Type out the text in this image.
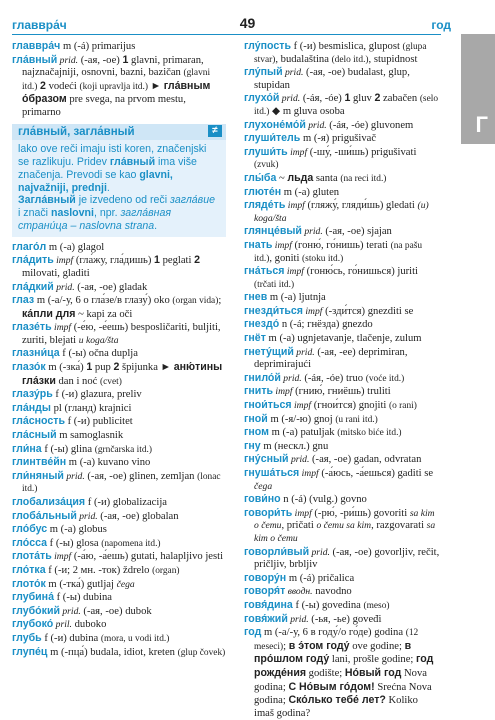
главвра́ч	49	год
Г
главвра́ч m (-á) primarijus
гла́вный prid. (-ая, -ое) 1 glavni, primaran, najznačajniji, osnovni, bazni, bazičan (glavni itd.) 2 vodeći (koji upravlja itd.) ► гла́вным о́бразом pre svega, na prvom mestu, primarno
гла́вный, загла́вный	≠
lako ove reči imaju isti koren, značenjski se razlikuju. Pridev гла́вный ima više značenja. Prevodi se kao glavni, najvažniji, prednji.
Загла́вный je izvedeno od reči загла́вие i znači naslovni, npr. загла́вная страни́ца – naslovna strana.
глаго́л m (-a) glagol
гла́дить impf (гла́жу, гла́дишь) 1 peglati 2 milovati, gladiti
гла́дкий prid. (-ая, -ое) gladak
глаз m (-а/-у, 6 о гла́зе/в глазу́) oko (organ vida); ка́пли для ~ kapi za oči
глазе́ть impf (-е́ю, -е́ешь) besposličariti, buljiti, zuriti, blejati u koga/šta
глазни́ца f (-ы) očna duplja
глазо́к m (-зка́) 1 pup 2 špijunka ► аню́тины гла́зки dan i noć (cvet)
глазу́рь f (-и) glazura, preliv
гла́нды pl (гланд) krajnici
гла́сность f (-и) publicitet
гла́сный m samoglasnik
гли́на f (-ы) glina (grnčarska itd.)
глинтве́йн m (-a) kuvano vino
гли́няный prid. (-ая, -ое) glinen, zemljan (lonac itd.)
глобализа́ция f (-и) globalizacija
глоба́льный prid. (-ая, -ое) globalan
гло́бус m (-a) globus
гло́сса f (-ы) glosa (napomena itd.)
глота́ть impf (-а́ю, -а́ешь) gutati, halapljivo jesti
гло́тка f (-и; 2 мн. -ток) ždrelo (organ)
глото́к m (-тка́) gutljaj čega
глубина́ f (-ы) dubina
глубо́кий prid. (-ая, -ое) dubok
глубоко́ pril. duboko
глубь f (-и) dubina (mora, u vodi itd.)
глупе́ц m (-пца́) budala, idiot, kreten (glup čovek)
глу́пость f (-и) besmislica, glupost (glupa stvar), budalaština (delo itd.), stupidnost
глу́пый prid. (-ая, -ое) budalast, glup, stupidan
глухо́й prid. (-áя, -óе) 1 gluv 2 zabačen (selo itd.) ◆ m gluva osoba
глухоне́мо́й prid. (-áя, -óе) gluvonem
глуши́тель m (-я) prigušivač
глуши́ть impf (-шу́, -ши́шь) prigušivati (zvuk)
глы́ба ~ льда santa (na reci itd.)
глюте́н m (-a) gluten
гляде́ть impf (гляжу́, гляди́шь) gledati (u) koga/šta
глянце́вый prid. (-ая, -ое) sjajan
гнать impf (гоню́, го́нишь) terati (na pašu itd.), goniti (stoku itd.)
гна́ться impf (гоню́сь, го́нишься) juriti (trčati itd.)
гнев m (-a) ljutnja
гнезди́ться impf (-зди́тся) gnezditi se
гнездо́ n (-á; гнёзда) gnezdo
гнёт m (-a) ugnjetavanje, tlačenje, zulum
гнету́щий prid. (-ая, -ее) deprimiran, deprimirajući
гнило́й prid. (-áя, -óе) truo (voće itd.)
гнить impf (гнию́, гниёшь) truliti
гнои́ться impf (гнои́тся) gnojiti (o rani)
гной m (-я/-ю) gnoj (u rani itd.)
гном m (-a) patuljak (mitsko biće itd.)
гну m (нескл.) gnu
гну́сный prid. (-ая, -ое) gadan, odvratan
гнуша́ться impf (-а́юсь, -а́ешься) gaditi se čega
гови́но n (-á) (vulg.) govno
говори́ть impf (-рю́, -ри́шь) govoriti sa kim o čemu, pričati o čemu sa kim, razgovarati sa kim o čemu
говорли́вый prid. (-ая, -ое) govorljiv, rečit, pričljiv, brbljiv
говору́н m (-á) pričalica
говоря́т вводн. navodno
говя́дина f (-ы) govedina (meso)
говя́жий prid. (-ья, -ье) goveđi
год m (-а/-у, 6 в году́/о го́де) godina (12 meseci); в э́том году́ ove godine; в про́шлом году́ lani, prošle godine; год рожде́ния godište; Но́вый год Nova godina; С Но́вым го́дом! Srećna Nova godina; Ско́лько тебе́ лет? Koliko imaš godina?
